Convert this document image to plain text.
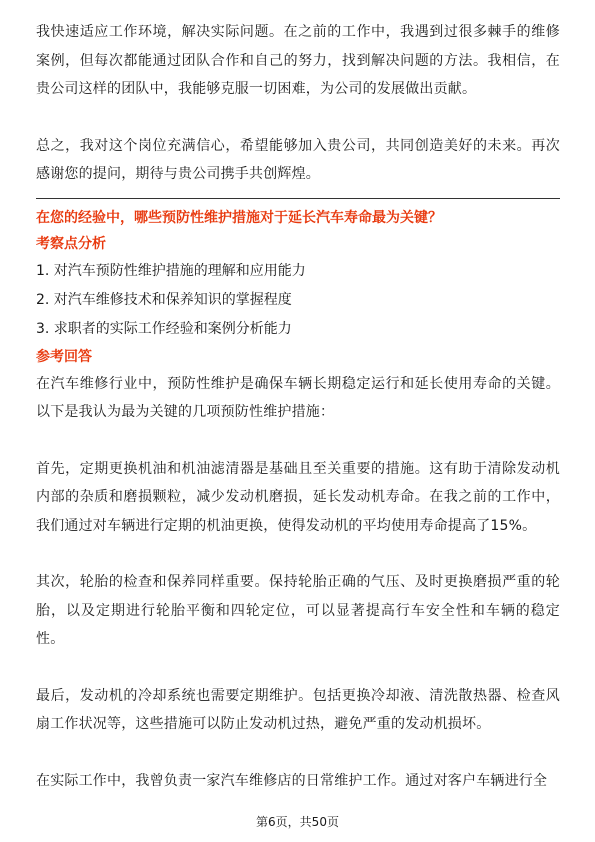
我快速适应工作环境，解决实际问题。在之前的工作中，我遇到过很多棘手的维修案例，但每次都能通过团队合作和自己的努力，找到解决问题的方法。我相信，在贵公司这样的团队中，我能够克服一切困难，为公司的发展做出贡献。

总之，我对这个岗位充满信心，希望能够加入贵公司，共同创造美好的未来。再次感谢您的提问，期待与贵公司携手共创辉煌。

在您的经验中，哪些预防性维护措施对于延长汽车寿命最为关键？

考察点分析

1. 对汽车预防性维护措施的理解和应用能力

2. 对汽车维修技术和保养知识的掌握程度

3. 求职者的实际工作经验和案例分析能力

参考回答

在汽车维修行业中，预防性维护是确保车辆长期稳定运行和延长使用寿命的关键。以下是我认为最为关键的几项预防性维护措施：

首先，定期更换机油和机油滤清器是基础且至关重要的措施。这有助于清除发动机内部的杂质和磨损颗粒，减少发动机磨损，延长发动机寿命。在我之前的工作中，我们通过对车辆进行定期的机油更换，使得发动机的平均使用寿命提高了15%。

其次，轮胎的检查和保养同样重要。保持轮胎正确的气压、及时更换磨损严重的轮胎，以及定期进行轮胎平衡和四轮定位，可以显著提高行车安全性和车辆的稳定性。

最后，发动机的冷却系统也需要定期维护。包括更换冷却液、清洗散热器、检查风扇工作状况等，这些措施可以防止发动机过热，避免严重的发动机损坏。

在实际工作中，我曾负责一家汽车维修店的日常维护工作。通过对客户车辆进行全

第6页，共50页
